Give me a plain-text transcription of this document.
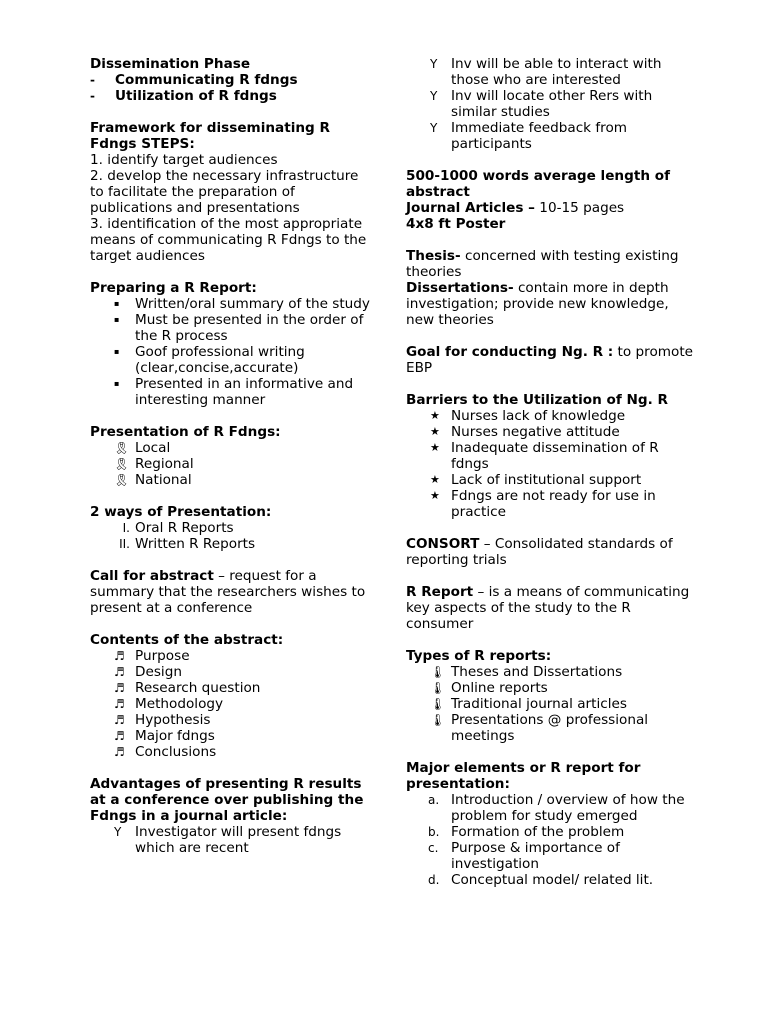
Dissemination Phase

-	Communicating R fdngs
-	Utilization of R fdngs

Framework for disseminating R Fdngs STEPS:

1. identify target audiences

2. develop the necessary infrastructure to facilitate the preparation of publications and presentations

3. identification of the most appropriate means of communicating R Fdngs to the target audiences

Preparing a R Report:

▪	Written/oral summary of the study
▪	Must be presented in the order of the R process
▪	Goof professional writing (clear,concise,accurate)
▪	Presented in an informative and interesting manner

Presentation of R Fdngs:

🎗 Local
🎗 Regional
🎗 National

2 ways of Presentation:

I. Oral R Reports
II. Written R Reports

Call for abstract – request for a summary that the researchers wishes to present at a conference

Contents of the abstract:

♬ Purpose
♬ Design
♬ Research question
♬ Methodology
♬ Hypothesis
♬ Major fdngs
♬ Conclusions

Advantages of presenting R results at a conference over publishing the Fdngs in a journal article:

Y	Investigator will present fdngs which are recent
Y	Inv will be able to interact with those who are interested
Y	Inv will locate other Rers with similar studies
Y	Immediate feedback from participants

500-1000 words average length of abstract

Journal Articles – 10-15 pages

4x8 ft Poster

Thesis- concerned with testing existing theories

Dissertations- contain more in depth investigation; provide new knowledge, new theories

Goal for conducting Ng. R : to promote EBP

Barriers to the Utilization of Ng. R

★ Nurses lack of knowledge
★ Nurses negative attitude
★ Inadequate dissemination of R fdngs
★ Lack of institutional support
★ Fdngs are not ready for use in practice

CONSORT – Consolidated standards of reporting trials

R Report – is a means of communicating key aspects of the study to the R consumer

Types of R reports:

🌡 Theses and Dissertations
🌡 Online reports
🌡 Traditional journal articles
🌡 Presentations @ professional meetings

Major elements or R report for presentation:

a. Introduction / overview of how the problem for study emerged
b. Formation of the problem
c. Purpose & importance of investigation
d. Conceptual model/ related lit.
